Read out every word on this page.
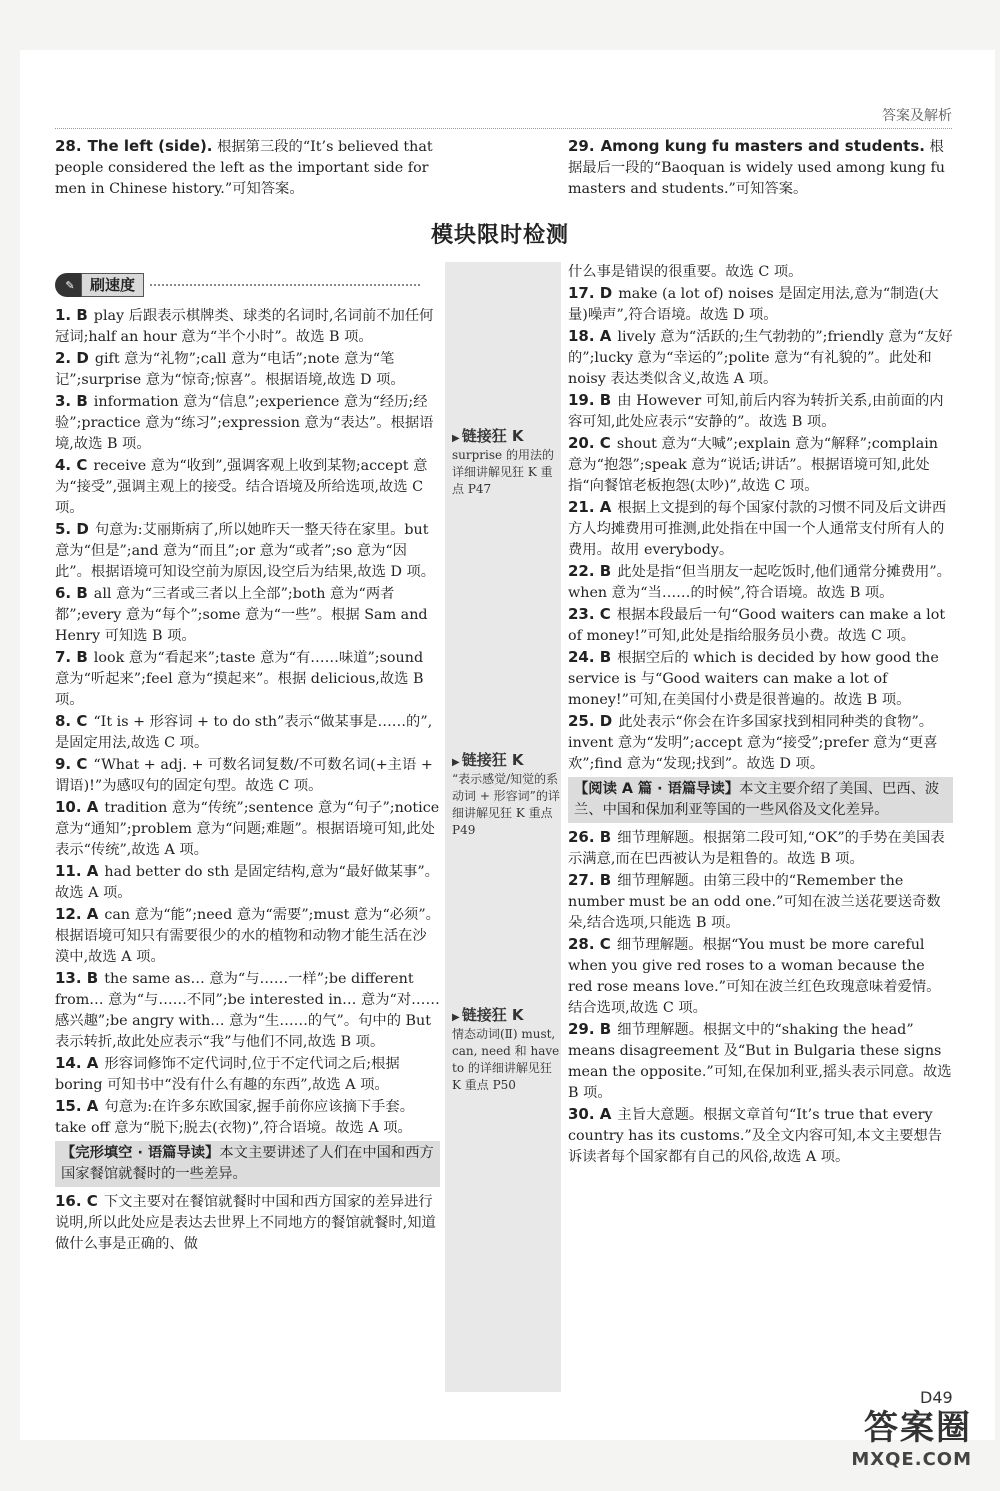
答案及解析
28. The left (side). 根据第三段的“It’s believed that people considered the left as the important side for men in Chinese history.”可知答案。
29. Among kung fu masters and students. 根据最后一段的“Baoquan is widely used among kung fu masters and students.”可知答案。
模块限时检测
✎	刷速度
▶ 链接狂 K
surprise 的用法的详细讲解见狂 K 重点 P47
▶ 链接狂 K
“表示感觉/知觉的系动词 + 形容词”的详细讲解见狂 K 重点 P49
▶ 链接狂 K
情态动词(Ⅱ) must, can, need 和 have to 的详细讲解见狂 K 重点 P50
1. B play 后跟表示棋牌类、球类的名词时,名词前不加任何冠词;half an hour 意为“半个小时”。故选 B 项。
2. D gift 意为“礼物”;call 意为“电话”;note 意为“笔记”;surprise 意为“惊奇;惊喜”。根据语境,故选 D 项。
3. B information 意为“信息”;experience 意为“经历;经验”;practice 意为“练习”;expression 意为“表达”。根据语境,故选 B 项。
4. C receive 意为“收到”,强调客观上收到某物;accept 意为“接受”,强调主观上的接受。结合语境及所给选项,故选 C 项。
5. D 句意为:艾丽斯病了,所以她昨天一整天待在家里。but 意为“但是”;and 意为“而且”;or 意为“或者”;so 意为“因此”。根据语境可知设空前为原因,设空后为结果,故选 D 项。
6. B all 意为“三者或三者以上全部”;both 意为“两者都”;every 意为“每个”;some 意为“一些”。根据 Sam and Henry 可知选 B 项。
7. B look 意为“看起来”;taste 意为“有……味道”;sound 意为“听起来”;feel 意为“摸起来”。根据 delicious,故选 B 项。
8. C “It is + 形容词 + to do sth”表示“做某事是……的”,是固定用法,故选 C 项。
9. C “What + adj. + 可数名词复数/不可数名词(+主语 + 谓语)!”为感叹句的固定句型。故选 C 项。
10. A tradition 意为“传统”;sentence 意为“句子”;notice 意为“通知”;problem 意为“问题;难题”。根据语境可知,此处表示“传统”,故选 A 项。
11. A had better do sth 是固定结构,意为“最好做某事”。故选 A 项。
12. A can 意为“能”;need 意为“需要”;must 意为“必须”。根据语境可知只有需要很少的水的植物和动物才能生活在沙漠中,故选 A 项。
13. B the same as… 意为“与……一样”;be different from… 意为“与……不同”;be interested in… 意为“对……感兴趣”;be angry with… 意为“生……的气”。句中的 But 表示转折,故此处应表示“我”与他们不同,故选 B 项。
14. A 形容词修饰不定代词时,位于不定代词之后;根据 boring 可知书中“没有什么有趣的东西”,故选 A 项。
15. A 句意为:在许多东欧国家,握手前你应该摘下手套。take off 意为“脱下;脱去(衣物)”,符合语境。故选 A 项。
【完形填空 · 语篇导读】本文主要讲述了人们在中国和西方国家餐馆就餐时的一些差异。
16. C 下文主要对在餐馆就餐时中国和西方国家的差异进行说明,所以此处应是表达去世界上不同地方的餐馆就餐时,知道做什么事是正确的、做
什么事是错误的很重要。故选 C 项。
17. D make (a lot of) noises 是固定用法,意为“制造(大量)噪声”,符合语境。故选 D 项。
18. A lively 意为“活跃的;生气勃勃的”;friendly 意为“友好的”;lucky 意为“幸运的”;polite 意为“有礼貌的”。此处和 noisy 表达类似含义,故选 A 项。
19. B 由 However 可知,前后内容为转折关系,由前面的内容可知,此处应表示“安静的”。故选 B 项。
20. C shout 意为“大喊”;explain 意为“解释”;complain 意为“抱怨”;speak 意为“说话;讲话”。根据语境可知,此处指“向餐馆老板抱怨(太吵)”,故选 C 项。
21. A 根据上文提到的每个国家付款的习惯不同及后文讲西方人均摊费用可推测,此处指在中国一个人通常支付所有人的费用。故用 everybody。
22. B 此处是指“但当朋友一起吃饭时,他们通常分摊费用”。when 意为“当……的时候”,符合语境。故选 B 项。
23. C 根据本段最后一句“Good waiters can make a lot of money!”可知,此处是指给服务员小费。故选 C 项。
24. B 根据空后的 which is decided by how good the service is 与“Good waiters can make a lot of money!”可知,在美国付小费是很普遍的。故选 B 项。
25. D 此处表示“你会在许多国家找到相同种类的食物”。invent 意为“发明”;accept 意为“接受”;prefer 意为“更喜欢”;find 意为“发现;找到”。故选 D 项。
【阅读 A 篇 · 语篇导读】本文主要介绍了美国、巴西、波兰、中国和保加利亚等国的一些风俗及文化差异。
26. B 细节理解题。根据第二段可知,“OK”的手势在美国表示满意,而在巴西被认为是粗鲁的。故选 B 项。
27. B 细节理解题。由第三段中的“Remember the number must be an odd one.”可知在波兰送花要送奇数朵,结合选项,只能选 B 项。
28. C 细节理解题。根据“You must be more careful when you give red roses to a woman because the red rose means love.”可知在波兰红色玫瑰意味着爱情。结合选项,故选 C 项。
29. B 细节理解题。根据文中的“shaking the head” means disagreement 及“But in Bulgaria these signs mean the opposite.”可知,在保加利亚,摇头表示同意。故选 B 项。
30. A 主旨大意题。根据文章首句“It’s true that every country has its customs.”及全文内容可知,本文主要想告诉读者每个国家都有自己的风俗,故选 A 项。
D49
答案圈
MXQE.COM
